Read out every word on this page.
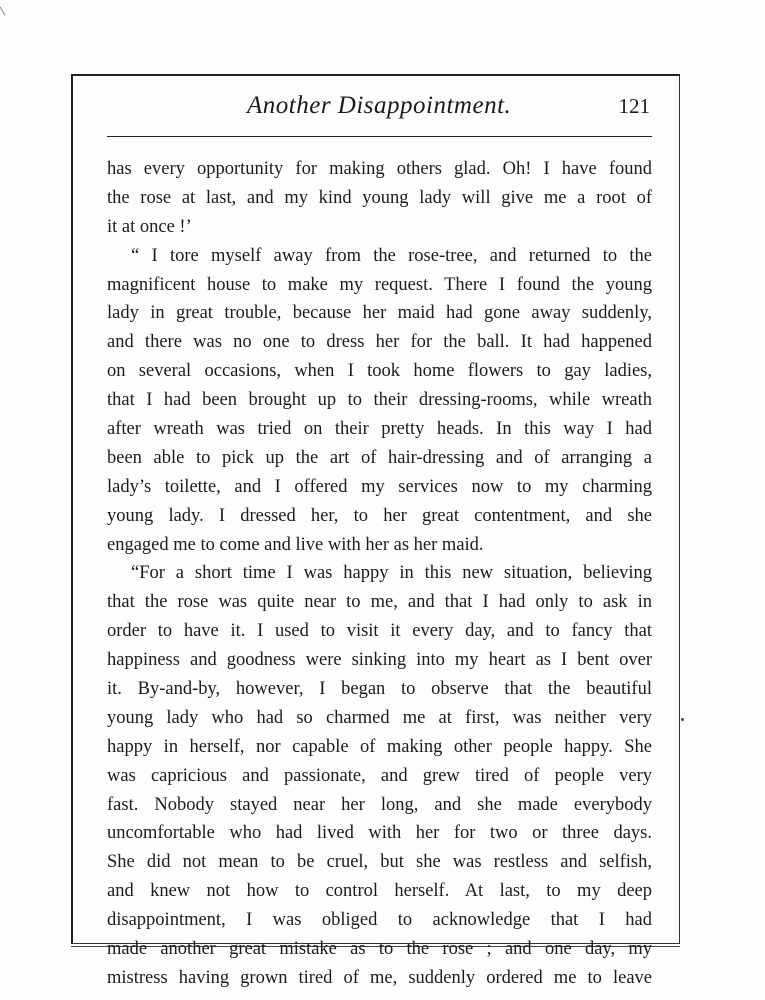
Another Disappointment.	121
has every opportunity for making others glad. Oh! I have found
the rose at last, and my kind young lady will give me a root of
it at once !’
“ I tore myself away from the rose-tree, and returned to the
magnificent house to make my request. There I found the young
lady in great trouble, because her maid had gone away suddenly,
and there was no one to dress her for the ball. It had happened
on several occasions, when I took home flowers to gay ladies,
that I had been brought up to their dressing-rooms, while wreath
after wreath was tried on their pretty heads. In this way I had
been able to pick up the art of hair-dressing and of arranging a
lady’s toilette, and I offered my services now to my charming
young lady. I dressed her, to her great contentment, and she
engaged me to come and live with her as her maid.
“For a short time I was happy in this new situation, believing
that the rose was quite near to me, and that I had only to ask in
order to have it. I used to visit it every day, and to fancy that
happiness and goodness were sinking into my heart as I bent over
it. By-and-by, however, I began to observe that the beautiful
young lady who had so charmed me at first, was neither very
happy in herself, nor capable of making other people happy. She
was capricious and passionate, and grew tired of people very
fast. Nobody stayed near her long, and she made everybody
uncomfortable who had lived with her for two or three days.
She did not mean to be cruel, but she was restless and selfish,
and knew not how to control herself. At last, to my deep
disappointment, I was obliged to acknowledge that I had
made another great mistake as to the rose ; and one day, my
mistress having grown tired of me, suddenly ordered me to leave
